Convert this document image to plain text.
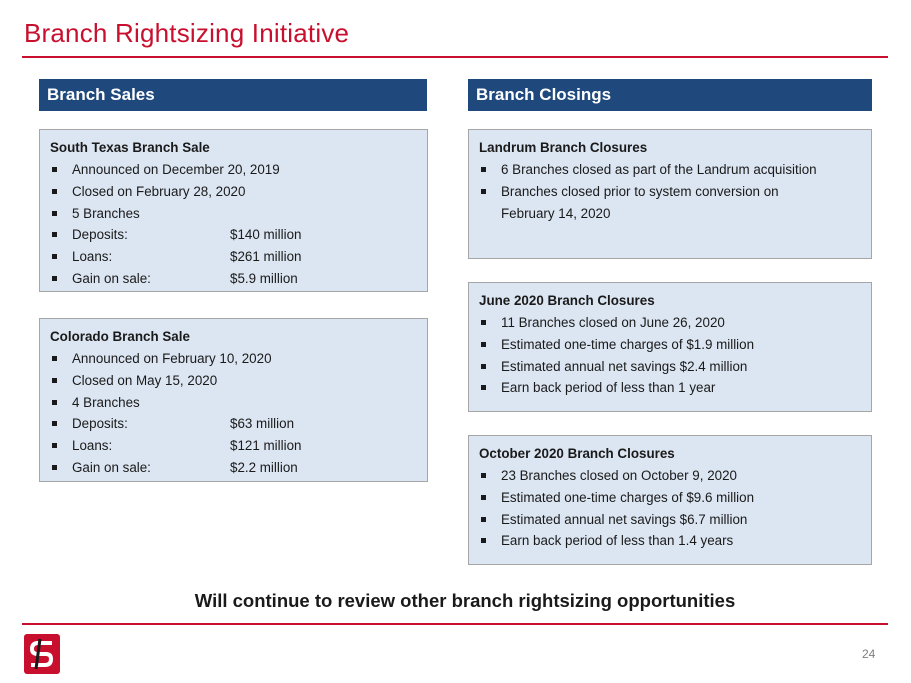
Branch Rightsizing Initiative
Branch Sales	Branch Closings
South Texas Branch Sale
Announced on December 20, 2019
Closed on February 28, 2020
5 Branches
Deposits:	$140 million
Loans:	$261 million
Gain on sale:	$5.9 million
Colorado Branch Sale
Announced on February 10, 2020
Closed on May 15, 2020
4 Branches
Deposits:	$63 million
Loans:	$121 million
Gain on sale:	$2.2 million
Landrum Branch Closures
6 Branches closed as part of the Landrum acquisition
Branches closed prior to system conversion on February 14, 2020
June 2020 Branch Closures
11 Branches closed on June 26, 2020
Estimated one-time charges of $1.9 million
Estimated annual net savings $2.4 million
Earn back period of less than 1 year
October 2020 Branch Closures
23 Branches closed on October 9, 2020
Estimated one-time charges of $9.6 million
Estimated annual net savings $6.7 million
Earn back period of less than 1.4 years
Will continue to review other branch rightsizing opportunities
24
